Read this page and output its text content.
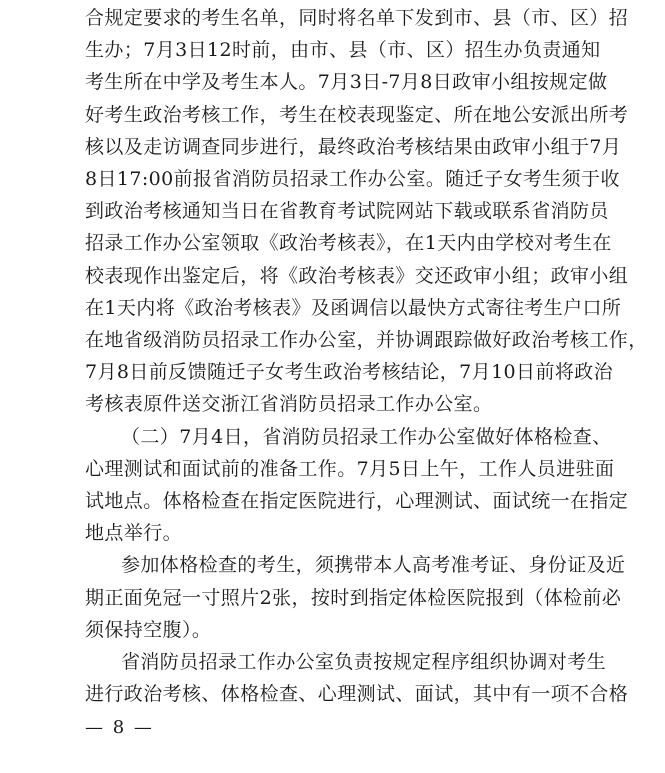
合规定要求的考生名单，同时将名单下发到市、县（市、区）招
生办；7月3日12时前，由市、县（市、区）招生办负责通知
考生所在中学及考生本人。7月3日-7月8日政审小组按规定做
好考生政治考核工作，考生在校表现鉴定、所在地公安派出所考
核以及走访调查同步进行，最终政治考核结果由政审小组于7月
8日17:00前报省消防员招录工作办公室。随迁子女考生须于收
到政治考核通知当日在省教育考试院网站下载或联系省消防员
招录工作办公室领取《政治考核表》，在1天内由学校对考生在
校表现作出鉴定后，将《政治考核表》交还政审小组；政审小组
在1天内将《政治考核表》及函调信以最快方式寄往考生户口所
在地省级消防员招录工作办公室，并协调跟踪做好政治考核工作，
7月8日前反馈随迁子女考生政治考核结论，7月10日前将政治
考核表原件送交浙江省消防员招录工作办公室。

（二）7月4日，省消防员招录工作办公室做好体格检查、
心理测试和面试前的准备工作。7月5日上午，工作人员进驻面
试地点。体格检查在指定医院进行，心理测试、面试统一在指定
地点举行。

参加体格检查的考生，须携带本人高考准考证、身份证及近
期正面免冠一寸照片2张，按时到指定体检医院报到（体检前必
须保持空腹）。

省消防员招录工作办公室负责按规定程序组织协调对考生
进行政治考核、体格检查、心理测试、面试，其中有一项不合格

— 8 —
